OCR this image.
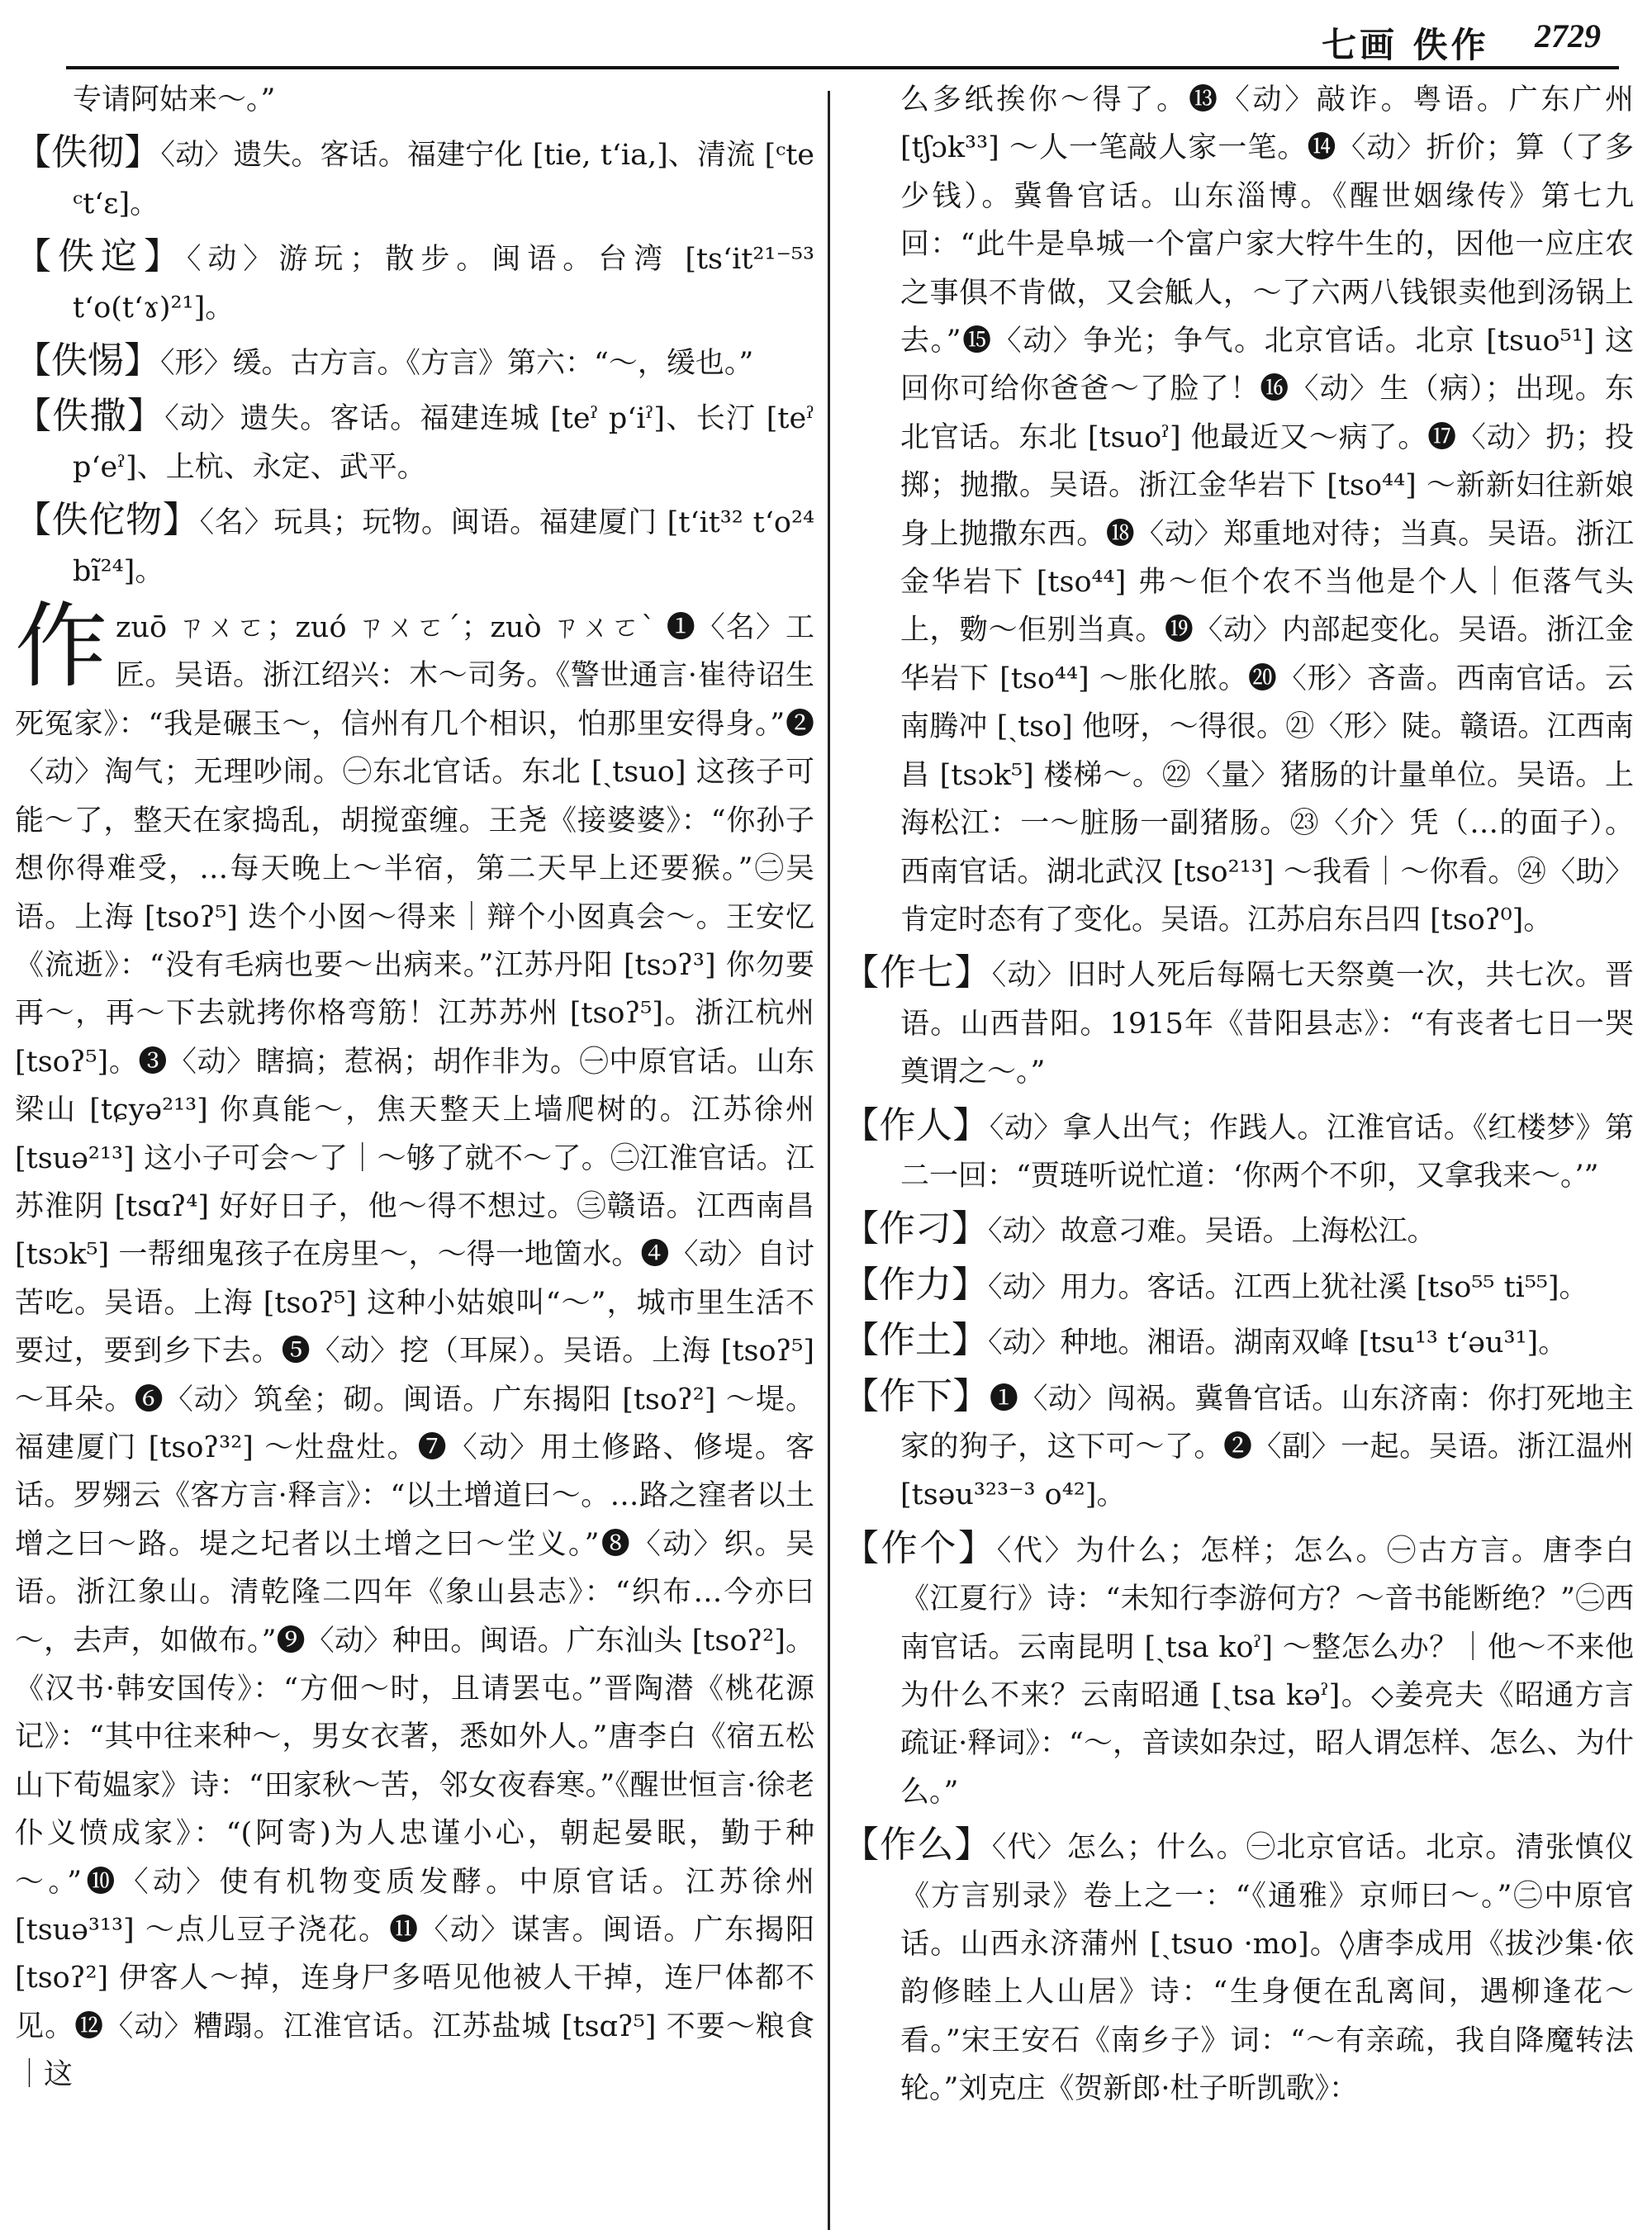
七画 佚作 2729

专请阿姑来～。”

【佚彻】〈动〉遗失。客话。福建宁化 [tie, tʻia,]、清流 [ᶜte ᶜtʻɛ]。

【佚迱】〈动〉游玩；散步。闽语。台湾 [tsʻit²¹⁻⁵³ tʻo(tʻɤ)²¹]。

【佚惕】〈形〉缓。古方言。《方言》第六：“～，缓也。”

【佚撒】〈动〉遗失。客话。福建连城 [teˀ pʻiˀ]、长汀 [teˀ pʻeˀ]、上杭、永定、武平。

【佚佗物】〈名〉玩具；玩物。闽语。福建厦门 [tʻit³² tʻo²⁴ bĩ²⁴]。

作zuō ㄗㄨㄛ；zuó ㄗㄨㄛˊ；zuò ㄗㄨㄛˋ ❶〈名〉工匠。吴语。浙江绍兴：木～司务。《警世通言·崔待诏生死冤家》：“我是碾玉～，信州有几个相识，怕那里安得身。”❷〈动〉淘气；无理吵闹。㊀东北官话。东北 [ˏtsuo] 这孩子可能～了，整天在家捣乱，胡搅蛮缠。王尧《接婆婆》：“你孙子想你得难受，…每天晚上～半宿，第二天早上还要猴。”㊁吴语。上海 [tsoʔ⁵] 迭个小囡～得来｜辩个小囡真会～。王安忆《流逝》：“没有毛病也要～出病来。”江苏丹阳 [tsɔʔ³] 你勿要再～，再～下去就拷你格弯筋！江苏苏州 [tsoʔ⁵]。浙江杭州 [tsoʔ⁵]。❸〈动〉瞎搞；惹祸；胡作非为。㊀中原官话。山东梁山 [tɕyə²¹³] 你真能～，焦天整天上墙爬树的。江苏徐州 [tsuə²¹³] 这小子可会～了｜～够了就不～了。㊁江淮官话。江苏淮阴 [tsɑʔ⁴] 好好日子，他～得不想过。㊂赣语。江西南昌 [tsɔk⁵] 一帮细鬼孩子在房里～，～得一地箇水。❹〈动〉自讨苦吃。吴语。上海 [tsoʔ⁵] 这种小姑娘叫“～”，城市里生活不要过，要到乡下去。❺〈动〉挖（耳屎）。吴语。上海 [tsoʔ⁵] ～耳朵。❻〈动〉筑垒；砌。闽语。广东揭阳 [tsoʔ²] ～堤。福建厦门 [tsoʔ³²] ～灶盘灶。❼〈动〉用土修路、修堤。客话。罗翙云《客方言·释言》：“以土增道曰～。…路之窪者以土增之曰～路。堤之圮者以土增之曰～坣义。”❽〈动〉织。吴语。浙江象山。清乾隆二四年《象山县志》：“织布…今亦曰～，去声，如做布。”❾〈动〉种田。闽语。广东汕头 [tsoʔ²]。《汉书·韩安国传》：“方佃～时，且请罢屯。”晋陶潜《桃花源记》：“其中往来种～，男女衣著，悉如外人。”唐李白《宿五松山下荀媪家》诗：“田家秋～苦，邻女夜舂寒。”《醒世恒言·徐老仆义愤成家》：“(阿寄)为人忠谨小心，朝起晏眠，勤于种～。”❿〈动〉使有机物变质发酵。中原官话。江苏徐州 [tsuə³¹³] ～点儿豆子浇花。⓫〈动〉谋害。闽语。广东揭阳 [tsoʔ²] 伊客人～掉，连身尸多唔见他被人干掉，连尸体都不见。⓬〈动〉糟蹋。江淮官话。江苏盐城 [tsɑʔ⁵] 不要～粮食｜这

么多纸挨你～得了。⓭〈动〉敲诈。粤语。广东广州 [tʃɔk³³] ～人一笔敲人家一笔。⓮〈动〉折价；算（了多少钱）。冀鲁官话。山东淄博。《醒世姻缘传》第七九回：“此牛是阜城一个富户家大牸牛生的，因他一应庄农之事俱不肯做，又会觝人，～了六两八钱银卖他到汤锅上去。”⓯〈动〉争光；争气。北京官话。北京 [tsuo⁵¹] 这回你可给你爸爸～了脸了！⓰〈动〉生（病）；出现。东北官话。东北 [tsuoˀ] 他最近又～病了。⓱〈动〉扔；投掷；抛撒。吴语。浙江金华岩下 [tso⁴⁴] ～新新妇往新娘身上抛撒东西。⓲〈动〉郑重地对待；当真。吴语。浙江金华岩下 [tso⁴⁴] 弗～佢个农不当他是个人｜佢落气头上，覅～佢别当真。⓳〈动〉内部起变化。吴语。浙江金华岩下 [tso⁴⁴] ～胀化脓。⓴〈形〉吝啬。西南官话。云南腾冲 [ˏtso] 他呀，～得很。㉑〈形〉陡。赣语。江西南昌 [tsɔk⁵] 楼梯～。㉒〈量〉猪肠的计量单位。吴语。上海松江：一～脏肠一副猪肠。㉓〈介〉凭（…的面子）。西南官话。湖北武汉 [tso²¹³] ～我看｜～你看。㉔〈助〉肯定时态有了变化。吴语。江苏启东吕四 [tsoʔ⁰]。

【作七】〈动〉旧时人死后每隔七天祭奠一次，共七次。晋语。山西昔阳。1915年《昔阳县志》：“有丧者七日一哭奠谓之～。”

【作人】〈动〉拿人出气；作践人。江淮官话。《红楼梦》第二一回：“贾琏听说忙道：‘你两个不卯，又拿我来～。’”

【作刁】〈动〉故意刁难。吴语。上海松江。

【作力】〈动〉用力。客话。江西上犹社溪 [tso⁵⁵ ti⁵⁵]。

【作土】〈动〉种地。湘语。湖南双峰 [tsu¹³ tʻəu³¹]。

【作下】❶〈动〉闯祸。冀鲁官话。山东济南：你打死地主家的狗子，这下可～了。❷〈副〉一起。吴语。浙江温州 [tsəu³²³⁻³ o⁴²]。

【作个】〈代〉为什么；怎样；怎么。㊀古方言。唐李白《江夏行》诗：“未知行李游何方？～音书能断绝？”㊁西南官话。云南昆明 [ˏtsa koˀ] ～整怎么办？｜他～不来他为什么不来？云南昭通 [ˏtsa kəˀ]。◇姜亮夫《昭通方言疏证·释词》：“～，音读如杂过，昭人谓怎样、怎么、为什么。”

【作么】〈代〉怎么；什么。㊀北京官话。北京。清张慎仪《方言别录》卷上之一：“《通雅》京师曰～。”㊁中原官话。山西永济蒲州 [ˏtsuo ·mo]。◊唐李成用《拔沙集·依韵修睦上人山居》诗：“生身便在乱离间，遇柳逢花～看。”宋王安石《南乡子》词：“～有亲疏，我自降魔转法轮。”刘克庄《贺新郎·杜子昕凯歌》：
